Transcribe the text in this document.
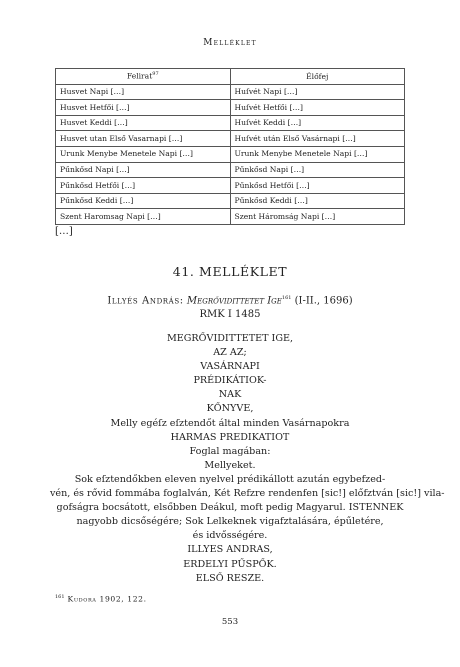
Melléklet
Felirat$^{97}$	Élőfej
Husvet Napi […]	Huſvét Napi […]
Husvet Hetfői […]	Huſvét Hetfői […]
Husvet Keddi […]	Huſvét Keddi […]
Husvet utan Első Vasarnapi […]	Huſvét után Első Vasárnapi […]
Urunk Menybe Menetele Napi […]	Urunk Menybe Menetele Napi […]
Pűnkősd Napi […]	Pűnkősd Napi […]
Pűnkősd Hetfői […]	Pűnkősd Hetfői […]
Pűnkősd Keddi […]	Pűnkősd Keddi […]
Szent Haromsag Napi […]	Szent Háromság Napi […]
[…]
41. MELLÉKLET
Illyés András: Megrővidittetet Ige$^{161}$ (I-II., 1696)
RMK I 1485
MEGRŐVIDITTETET IGE,
AZ AZ;
VASÁRNAPI
PRÉDIKÁTIOK-
NAK
KŐNYVE,
Melly egéſz eſztendőt által minden Vasárnapokra
HARMAS PREDIKATIOT
Foglal magában:
Mellyeket.
Sok eſztendőkben eleven nyelvel prédikállott azután egybefzed-
vén, és rővid fommába foglalván, Két Refzre rendenfen [sic!] előfztván [sic!] vila-
gofságra bocsátott, elsőbben Deákul, moft pedig Magyarul. ISTENNEK
nagyobb dicsőségére; Sok Lelkeknek vigafztalására, épűletére,
és idvősségére.
ILLYES ANDRAS,
ERDELYI PŰSPŐK.
ELSŐ RESZE.
$^{161}$ Kudora 1902, 122.
553
